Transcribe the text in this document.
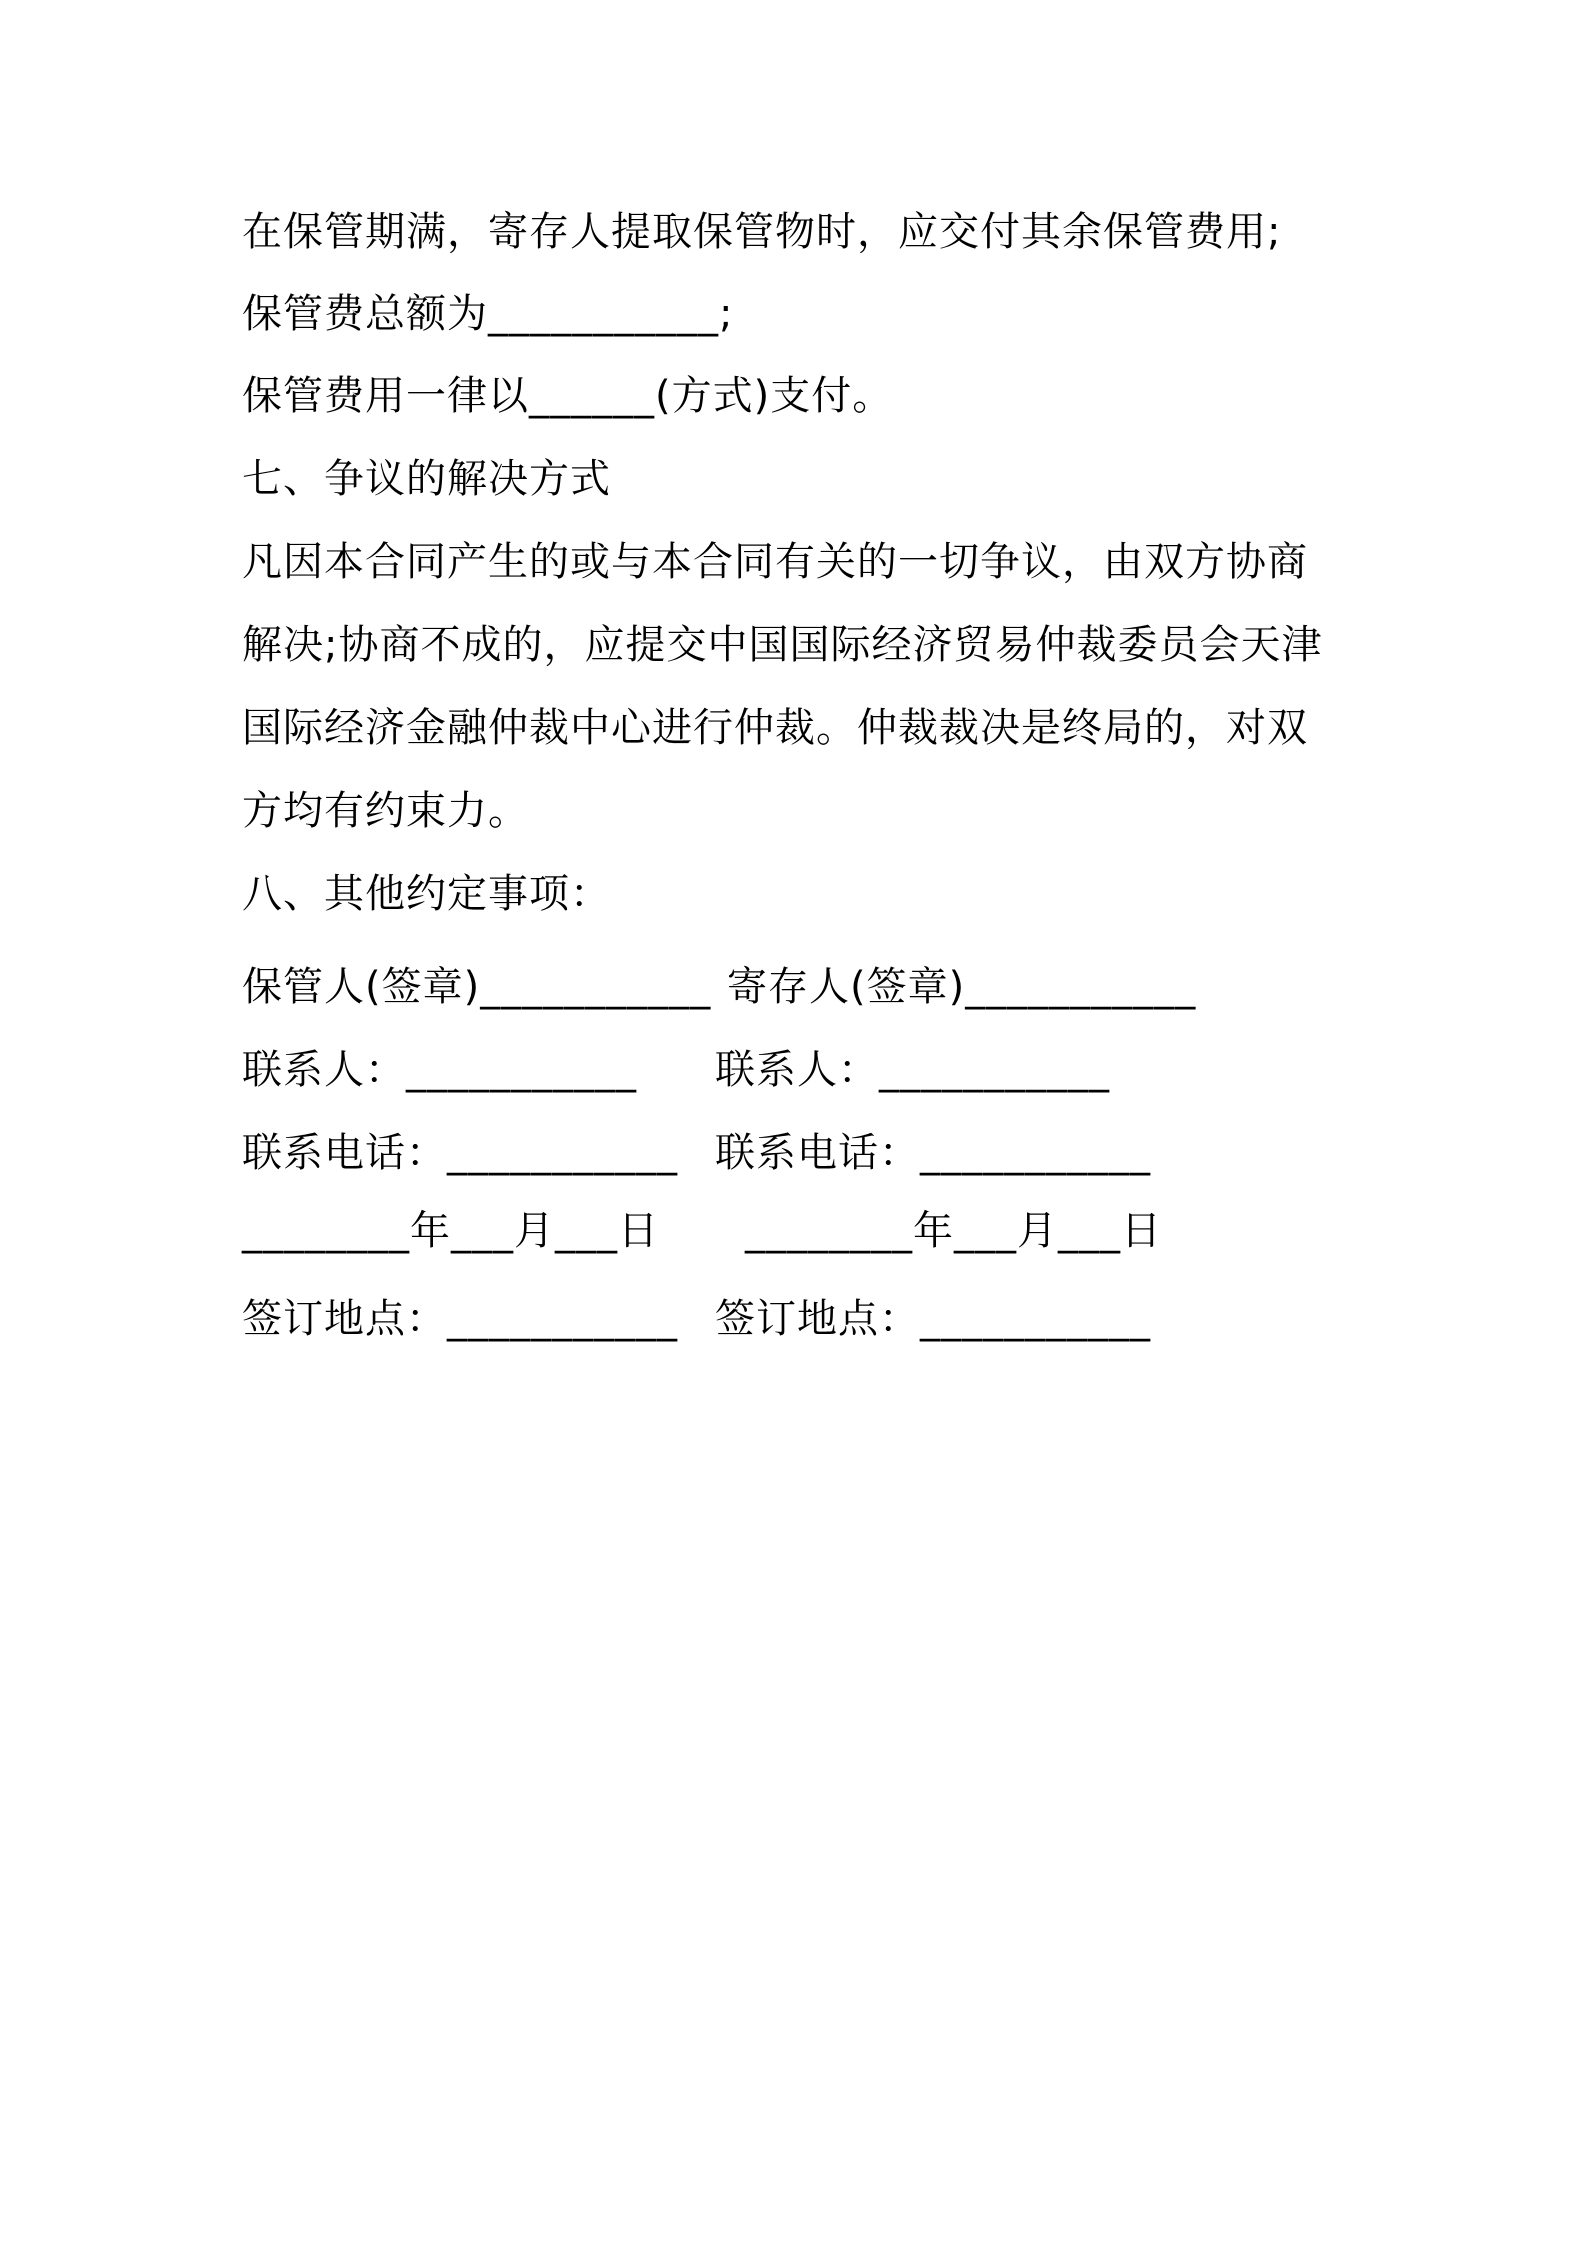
在保管期满，寄存人提取保管物时，应交付其余保管费用;
保管费总额为___________;
保管费用一律以______(方式)支付。
七、争议的解决方式
凡因本合同产生的或与本合同有关的一切争议，由双方协商
解决;协商不成的，应提交中国国际经济贸易仲裁委员会天津
国际经济金融仲裁中心进行仲裁。仲裁裁决是终局的，对双
方均有约束力。
八、其他约定事项：
保管人(签章)___________ 寄存人(签章)___________
联系人：___________ 联系人：___________
联系电话：___________ 联系电话：___________
________年___月___日 ________年___月___日
签订地点：___________ 签订地点：___________
